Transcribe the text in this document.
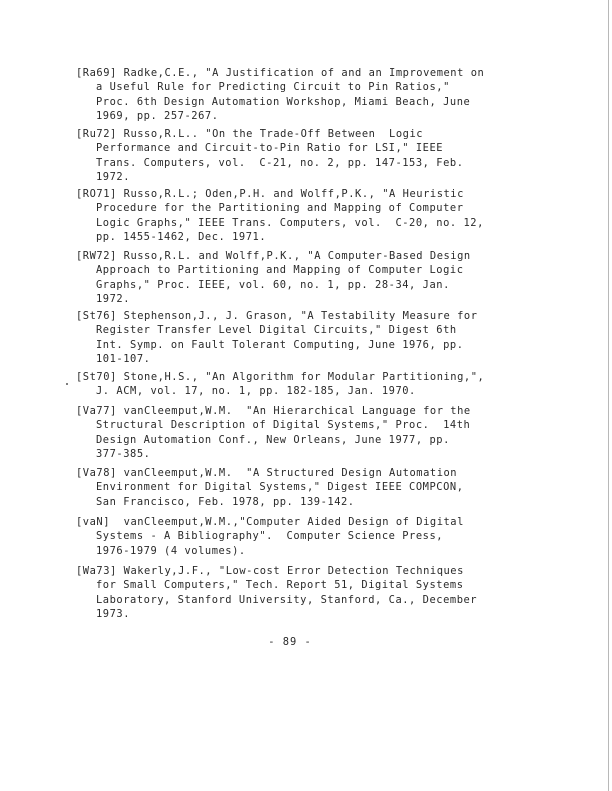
[Ra69] Radke,C.E., "A Justification of and an Improvement on
a Useful Rule for Predicting Circuit to Pin Ratios,"
Proc. 6th Design Automation Workshop, Miami Beach, June
1969, pp. 257-267.
[Ru72] Russo,R.L.. "On the Trade-Off Between  Logic
Performance and Circuit-to-Pin Ratio for LSI," IEEE
Trans. Computers, vol.  C-21, no. 2, pp. 147-153, Feb.
1972.
[RO71] Russo,R.L.; Oden,P.H. and Wolff,P.K., "A Heuristic
Procedure for the Partitioning and Mapping of Computer
Logic Graphs," IEEE Trans. Computers, vol.  C-20, no. 12,
pp. 1455-1462, Dec. 1971.
[RW72] Russo,R.L. and Wolff,P.K., "A Computer-Based Design
Approach to Partitioning and Mapping of Computer Logic
Graphs," Proc. IEEE, vol. 60, no. 1, pp. 28-34, Jan.
1972.
[St76] Stephenson,J., J. Grason, "A Testability Measure for
Register Transfer Level Digital Circuits," Digest 6th
Int. Symp. on Fault Tolerant Computing, June 1976, pp.
101-107.
[St70] Stone,H.S., "An Algorithm for Modular Partitioning,",
J. ACM, vol. 17, no. 1, pp. 182-185, Jan. 1970.
[Va77] vanCleemput,W.M.  "An Hierarchical Language for the
Structural Description of Digital Systems," Proc.  14th
Design Automation Conf., New Orleans, June 1977, pp.
377-385.
[Va78] vanCleemput,W.M.  "A Structured Design Automation
Environment for Digital Systems," Digest IEEE COMPCON,
San Francisco, Feb. 1978, pp. 139-142.
[vaN]  vanCleemput,W.M.,"Computer Aided Design of Digital
Systems - A Bibliography".  Computer Science Press,
1976-1979 (4 volumes).
[Wa73] Wakerly,J.F., "Low-cost Error Detection Techniques
for Small Computers," Tech. Report 51, Digital Systems
Laboratory, Stanford University, Stanford, Ca., December
1973.
- 89 -
